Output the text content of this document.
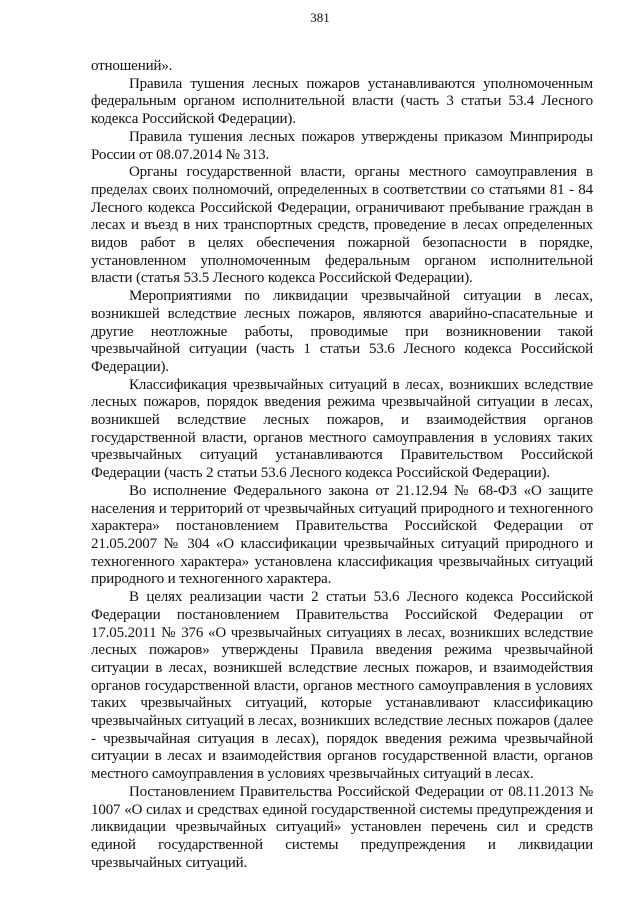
381

отношений».

Правила тушения лесных пожаров устанавливаются уполномоченным федеральным органом исполнительной власти (часть 3 статьи 53.4 Лесного кодекса Российской Федерации).

Правила тушения лесных пожаров утверждены приказом Минприроды России от 08.07.2014 № 313.

Органы государственной власти, органы местного самоуправления в пределах своих полномочий, определенных в соответствии со статьями 81 - 84 Лесного кодекса Российской Федерации, ограничивают пребывание граждан в лесах и въезд в них транспортных средств, проведение в лесах определенных видов работ в целях обеспечения пожарной безопасности в порядке, установленном уполномоченным федеральным органом исполнительной власти (статья 53.5 Лесного кодекса Российской Федерации).

Мероприятиями по ликвидации чрезвычайной ситуации в лесах, возникшей вследствие лесных пожаров, являются аварийно-спасательные и другие неотложные работы, проводимые при возникновении такой чрезвычайной ситуации (часть 1 статьи 53.6 Лесного кодекса Российской Федерации).

Классификация чрезвычайных ситуаций в лесах, возникших вследствие лесных пожаров, порядок введения режима чрезвычайной ситуации в лесах, возникшей вследствие лесных пожаров, и взаимодействия органов государственной власти, органов местного самоуправления в условиях таких чрезвычайных ситуаций устанавливаются Правительством Российской Федерации (часть 2 статьи 53.6 Лесного кодекса Российской Федерации).

Во исполнение Федерального закона от 21.12.94 № 68-ФЗ «О защите населения и территорий от чрезвычайных ситуаций природного и техногенного характера» постановлением Правительства Российской Федерации от 21.05.2007 № 304 «О классификации чрезвычайных ситуаций природного и техногенного характера» установлена классификация чрезвычайных ситуаций природного и техногенного характера.

В целях реализации части 2 статьи 53.6 Лесного кодекса Российской Федерации постановлением Правительства Российской Федерации от 17.05.2011 № 376 «О чрезвычайных ситуациях в лесах, возникших вследствие лесных пожаров» утверждены Правила введения режима чрезвычайной ситуации в лесах, возникшей вследствие лесных пожаров, и взаимодействия органов государственной власти, органов местного самоуправления в условиях таких чрезвычайных ситуаций, которые устанавливают классификацию чрезвычайных ситуаций в лесах, возникших вследствие лесных пожаров (далее - чрезвычайная ситуация в лесах), порядок введения режима чрезвычайной ситуации в лесах и взаимодействия органов государственной власти, органов местного самоуправления в условиях чрезвычайных ситуаций в лесах.

Постановлением Правительства Российской Федерации от 08.11.2013 № 1007 «О силах и средствах единой государственной системы предупреждения и ликвидации чрезвычайных ситуаций» установлен перечень сил и средств единой государственной системы предупреждения и ликвидации чрезвычайных ситуаций.
